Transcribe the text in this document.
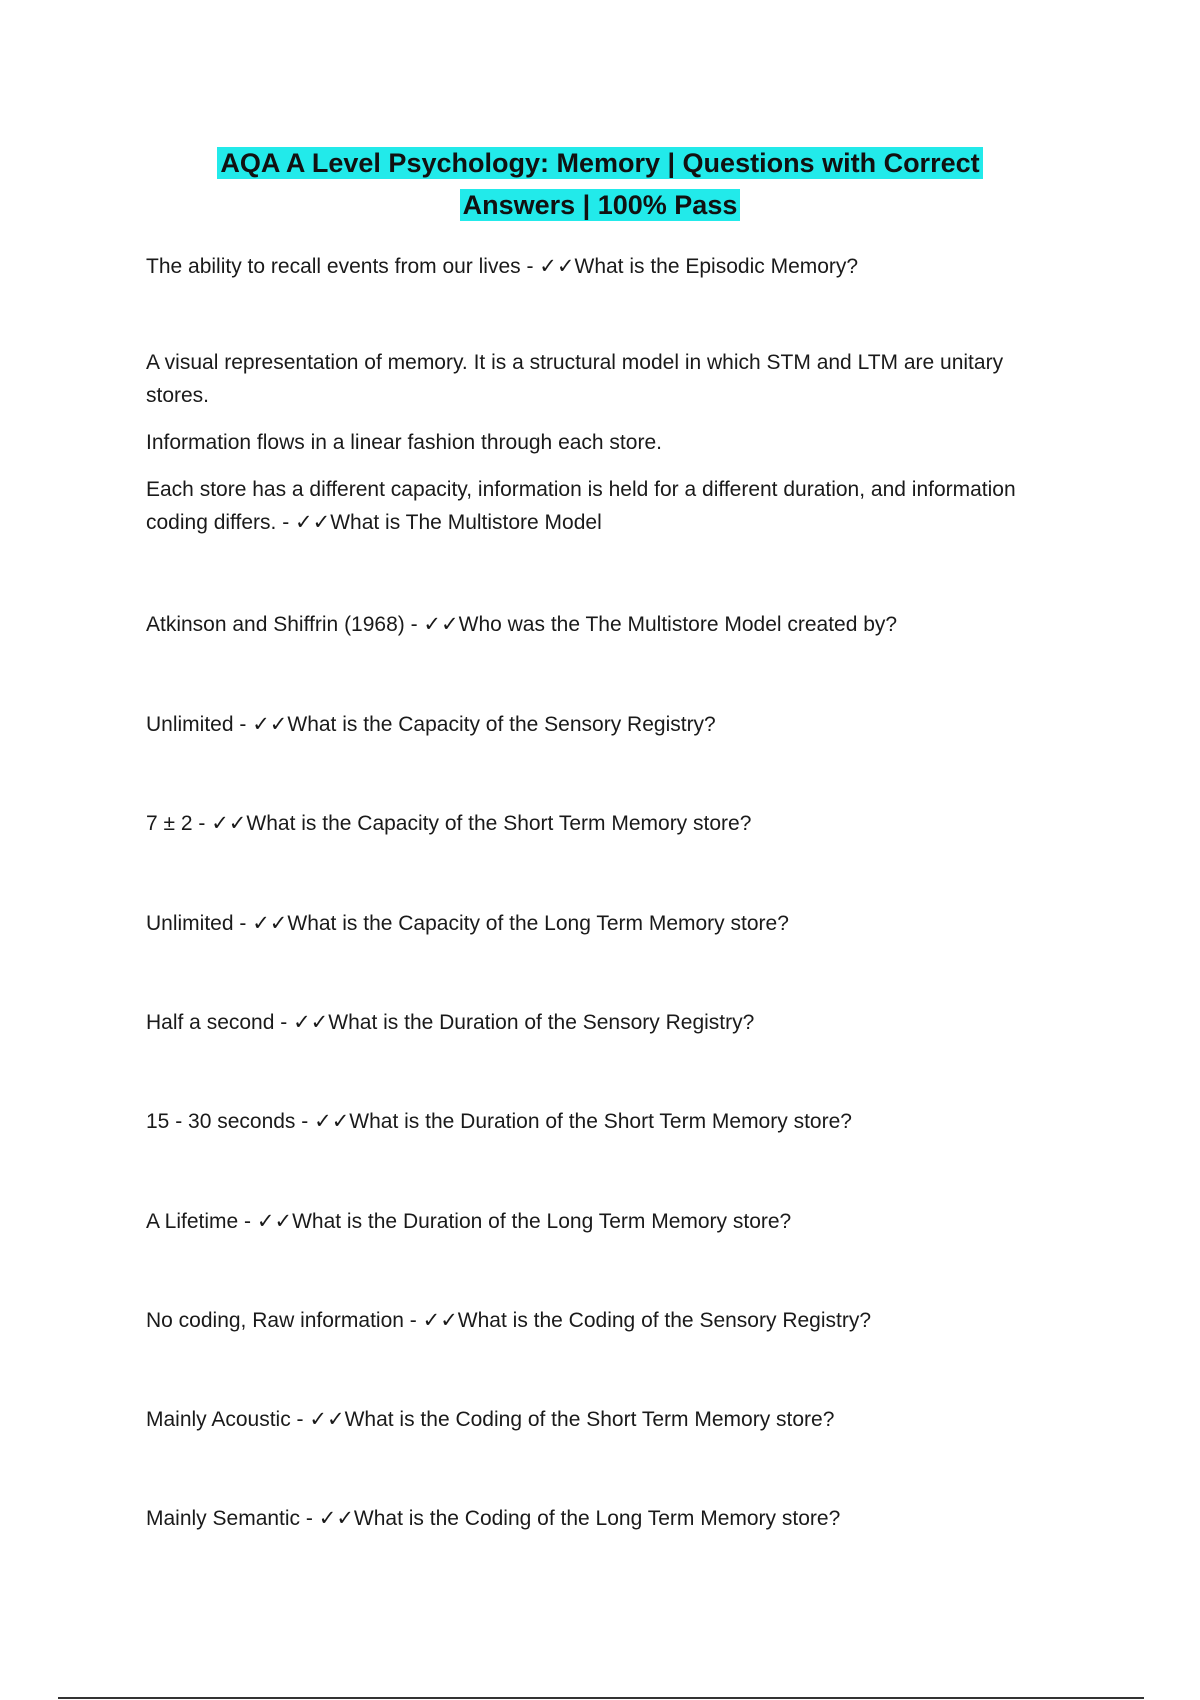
AQA A Level Psychology: Memory | Questions with Correct
Answers | 100% Pass

The ability to recall events from our lives - ✓✓What is the Episodic Memory?

A visual representation of memory. It is a structural model in which STM and LTM are unitary stores.

Information flows in a linear fashion through each store.

Each store has a different capacity, information is held for a different duration, and information coding differs. - ✓✓What is The Multistore Model

Atkinson and Shiffrin (1968) - ✓✓Who was the The Multistore Model created by?

Unlimited - ✓✓What is the Capacity of the Sensory Registry?

7 ± 2 - ✓✓What is the Capacity of the Short Term Memory store?

Unlimited - ✓✓What is the Capacity of the Long Term Memory store?

Half a second - ✓✓What is the Duration of the Sensory Registry?

15 - 30 seconds - ✓✓What is the Duration of the Short Term Memory store?

A Lifetime - ✓✓What is the Duration of the Long Term Memory store?

No coding, Raw information - ✓✓What is the Coding of the Sensory Registry?

Mainly Acoustic - ✓✓What is the Coding of the Short Term Memory store?

Mainly Semantic - ✓✓What is the Coding of the Long Term Memory store?
